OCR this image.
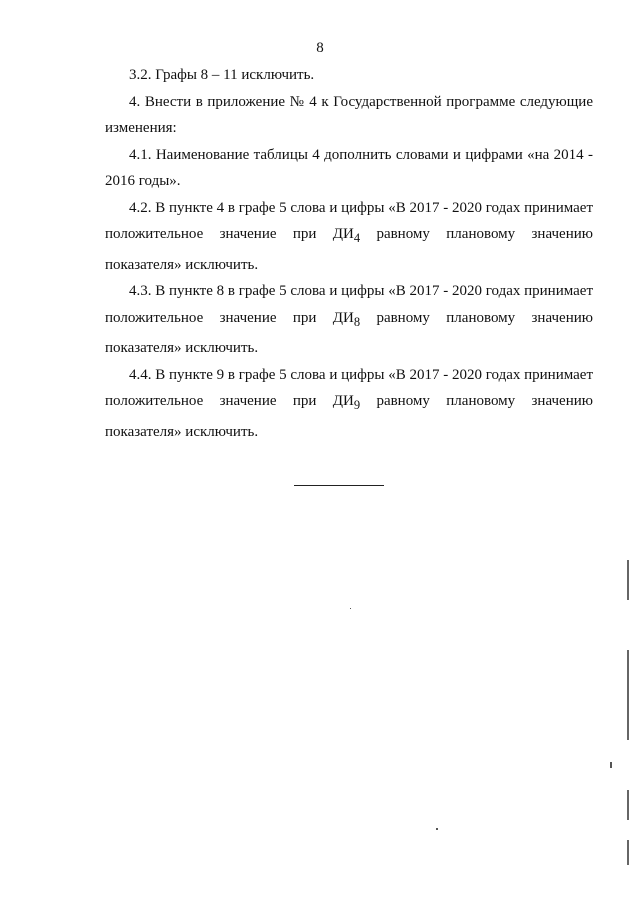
8

3.2. Графы 8 – 11 исключить.

4. Внести в приложение № 4 к Государственной программе следующие изменения:

4.1. Наименование таблицы 4 дополнить словами и цифрами «на 2014 - 2016 годы».

4.2. В пункте 4 в графе 5 слова и цифры «В 2017 - 2020 годах принимает положительное значение при $ДИ_4$ равному плановому значению показателя» исключить.

4.3. В пункте 8 в графе 5 слова и цифры «В 2017 - 2020 годах принимает положительное значение при $ДИ_8$ равному плановому значению показателя» исключить.

4.4. В пункте 9 в графе 5 слова и цифры «В 2017 - 2020 годах принимает положительное значение при $ДИ_9$ равному плановому значению показателя» исключить.
